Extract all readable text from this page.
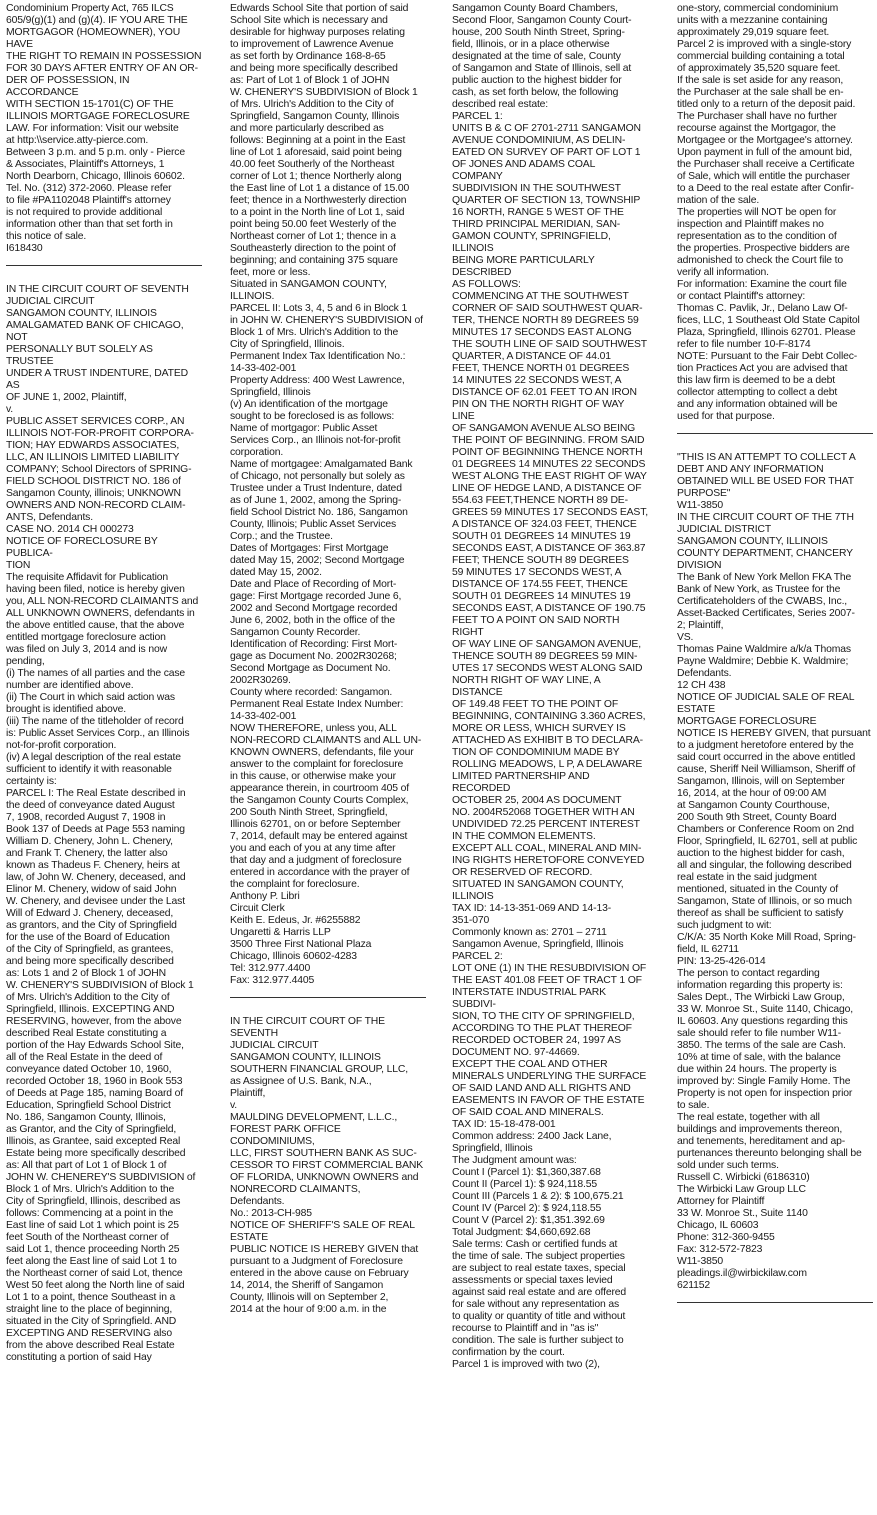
Condominium Property Act, 765 ILCS

605/9(g)(1) and (g)(4). IF YOU ARE THE

MORTGAGOR (HOMEOWNER), YOU HAVE

THE RIGHT TO REMAIN IN POSSESSION

FOR 30 DAYS AFTER ENTRY OF AN OR-

DER OF POSSESSION, IN ACCORDANCE

WITH SECTION 15-1701(C) OF THE

ILLINOIS MORTGAGE FORECLOSURE

LAW. For information: Visit our website

at http:\\service.atty-pierce.com.

Between 3 p.m. and 5 p.m. only - Pierce

& Associates, Plaintiff's Attorneys, 1

North Dearborn, Chicago, Illinois 60602.

Tel. No. (312) 372-2060. Please refer

to file #PA1102048 Plaintiff's attorney

is not required to provide additional

information other than that set forth in

this notice of sale.

I618430

IN THE CIRCUIT COURT OF SEVENTH

JUDICIAL CIRCUIT

SANGAMON COUNTY, ILLINOIS

AMALGAMATED BANK OF CHICAGO, NOT

PERSONALLY BUT SOLELY AS TRUSTEE

UNDER A TRUST INDENTURE, DATED AS

OF JUNE 1, 2002, Plaintiff,

v.

PUBLIC ASSET SERVICES CORP., AN

ILLINOIS NOT-FOR-PROFIT CORPORA-

TION; HAY EDWARDS ASSOCIATES,

LLC, AN ILLINOIS LIMITED LIABILITY

COMPANY; School Directors of SPRING-

FIELD SCHOOL DISTRICT NO. 186 of

Sangamon County, illinois; UNKNOWN

OWNERS AND NON-RECORD CLAIM-

ANTS, Defendants.

CASE NO. 2014 CH 000273

NOTICE OF FORECLOSURE BY PUBLICA-

TION

The requisite Affidavit for Publication

having been filed, notice is hereby given

you, ALL NON-RECORD CLAIMANTS and

ALL UNKNOWN OWNERS, defendants in

the above entitled cause, that the above

entitled mortgage foreclosure action

was filed on July 3, 2014 and is now

pending,

(i) The names of all parties and the case

number are identified above.

(ii) The Court in which said action was

brought is identified above.

(iii) The name of the titleholder of record

is: Public Asset Services Corp., an Illinois

not-for-profit corporation.

(iv) A legal description of the real estate

sufficient to identify it with reasonable

certainty is:

PARCEL I: The Real Estate described in

the deed of conveyance dated August

7, 1908, recorded August 7, 1908 in

Book 137 of Deeds at Page 553 naming

William D. Chenery, John L. Chenery,

and Frank T. Chenery, the latter also

known as Thadeus F. Chenery, heirs at

law, of John W. Chenery, deceased, and

Elinor M. Chenery, widow of said John

W. Chenery, and devisee under the Last

Will of Edward J. Chenery, deceased,

as grantors, and the City of Springfield

for the use of the Board of Education

of the City of Springfield, as grantees,

and being more specifically described

as: Lots 1 and 2 of Block 1 of JOHN

W. CHENERY'S SUBDIVISION of Block 1

of Mrs. Ulrich's Addition to the City of

Springfield, Illinois. EXCEPTING AND

RESERVING, however, from the above

described Real Estate constituting a

portion of the Hay Edwards School Site,

all of the Real Estate in the deed of

conveyance dated October 10, 1960,

recorded October 18, 1960 in Book 553

of Deeds at Page 185, naming Board of

Education, Springfield School District

No. 186, Sangamon County, Illinois,

as Grantor, and the City of Springfield,

Illinois, as Grantee, said excepted Real

Estate being more specifically described

as: All that part of Lot 1 of Block 1 of

JOHN W. CHENEREY'S SUBDIVISION of

Block 1 of Mrs. Ulrich's Addition to the

City of Springfield, Illinois, described as

follows: Commencing at a point in the

East line of said Lot 1 which point is 25

feet South of the Northeast corner of

said Lot 1, thence proceeding North 25

feet along the East line of said Lot 1 to

the Northeast corner of said Lot, thence

West 50 feet along the North line of said

Lot 1 to a point, thence Southeast in a

straight line to the place of beginning,

situated in the City of Springfield. AND

EXCEPTING AND RESERVING also

from the above described Real Estate

constituting a portion of said Hay

Edwards School Site that portion of said

School Site which is necessary and

desirable for highway purposes relating

to improvement of Lawrence Avenue

as set forth by Ordinance 168-8-65

and being more specifically described

as: Part of Lot 1 of Block 1 of JOHN

W. CHENERY'S SUBDIVISION of Block 1

of Mrs. Ulrich's Addition to the City of

Springfield, Sangamon County, Illinois

and more particularly described as

follows: Beginning at a point in the East

line of Lot 1 aforesaid, said point being

40.00 feet Southerly of the Northeast

corner of Lot 1; thence Northerly along

the East line of Lot 1 a distance of 15.00

feet; thence in a Northwesterly direction

to a point in the North line of Lot 1, said

point being 50.00 feet Westerly of the

Northeast corner of Lot 1; thence in a

Southeasterly direction to the point of

beginning; and containing 375 square

feet, more or less.

Situated in SANGAMON COUNTY,

ILLINOIS.

PARCEL II: Lots 3, 4, 5 and 6 in Block 1

in JOHN W. CHENERY'S SUBDIVISION of

Block 1 of Mrs. Ulrich's Addition to the

City of Springfield, Illinois.

Permanent Index Tax Identification No.:

14-33-402-001

Property Address: 400 West Lawrence,

Springfield, Illinois

(v) An identification of the mortgage

sought to be foreclosed is as follows:

Name of mortgagor: Public Asset

Services Corp., an Illinois not-for-profit

corporation.

Name of mortgagee: Amalgamated Bank

of Chicago, not personally but solely as

Trustee under a Trust Indenture, dated

as of June 1, 2002, among the Spring-

field School District No. 186, Sangamon

County, Illinois; Public Asset Services

Corp.; and the Trustee.

Dates of Mortgages: First Mortgage

dated May 15, 2002; Second Mortgage

dated May 15, 2002.

Date and Place of Recording of Mort-

gage: First Mortgage recorded June 6,

2002 and Second Mortgage recorded

June 6, 2002, both in the office of the

Sangamon County Recorder.

Identification of Recording: First Mort-

gage as Document No. 2002R30268;

Second Mortgage as Document No.

2002R30269.

County where recorded: Sangamon.

Permanent Real Estate Index Number:

14-33-402-001

NOW THEREFORE, unless you, ALL

NON-RECORD CLAIMANTS and ALL UN-

KNOWN OWNERS, defendants, file your

answer to the complaint for foreclosure

in this cause, or otherwise make your

appearance therein, in courtroom 405 of

the Sangamon County Courts Complex,

200 South Ninth Street, Springfield,

Illinois 62701, on or before September

7, 2014, default may be entered against

you and each of you at any time after

that day and a judgment of foreclosure

entered in accordance with the prayer of

the complaint for foreclosure.

Anthony P. Libri

Circuit Clerk

Keith E. Edeus, Jr. #6255882

Ungaretti & Harris LLP

3500 Three First National Plaza

Chicago, Illinois 60602-4283

Tel: 312.977.4400

Fax: 312.977.4405

IN THE CIRCUIT COURT OF THE SEVENTH

JUDICIAL CIRCUIT

SANGAMON COUNTY, ILLINOIS

SOUTHERN FINANCIAL GROUP, LLC,

as Assignee of U.S. Bank, N.A.,

Plaintiff,

v.

MAULDING DEVELOPMENT, L.L.C.,

FOREST PARK OFFICE CONDOMINIUMS,

LLC, FIRST SOUTHERN BANK AS SUC-

CESSOR TO FIRST COMMERCIAL BANK

OF FLORIDA, UNKNOWN OWNERS and

NONRECORD CLAIMANTS,

Defendants.

No.: 2013-CH-985

NOTICE OF SHERIFF'S SALE OF REAL

ESTATE

PUBLIC NOTICE IS HEREBY GIVEN that

pursuant to a Judgment of Foreclosure

entered in the above cause on February

14, 2014, the Sheriff of Sangamon

County, Illinois will on September 2,

2014 at the hour of 9:00 a.m. in the

Sangamon County Board Chambers,

Second Floor, Sangamon County Court-

house, 200 South Ninth Street, Spring-

field, Illinois, or in a place otherwise

designated at the time of sale, County

of Sangamon and State of Illinois, sell at

public auction to the highest bidder for

cash, as set forth below, the following

described real estate:

PARCEL 1:

UNITS B & C OF 2701-2711 SANGAMON

AVENUE CONDOMINIUM, AS DELIN-

EATED ON SURVEY OF PART OF LOT 1

OF JONES AND ADAMS COAL COMPANY

SUBDIVISION IN THE SOUTHWEST

QUARTER OF SECTION 13, TOWNSHIP

16 NORTH, RANGE 5 WEST OF THE

THIRD PRINCIPAL MERIDIAN, SAN-

GAMON COUNTY, SPRINGFIELD, ILLINOIS

BEING MORE PARTICULARLY DESCRIBED

AS FOLLOWS:

COMMENCING AT THE SOUTHWEST

CORNER OF SAID SOUTHWEST QUAR-

TER, THENCE NORTH 89 DEGREES 59

MINUTES 17 SECONDS EAST ALONG

THE SOUTH LINE OF SAID SOUTHWEST

QUARTER, A DISTANCE OF 44.01

FEET, THENCE NORTH 01 DEGREES

14 MINUTES 22 SECONDS WEST, A

DISTANCE OF 62.01 FEET TO AN IRON

PIN ON THE NORTH RIGHT OF WAY LINE

OF SANGAMON AVENUE ALSO BEING

THE POINT OF BEGINNING. FROM SAID

POINT OF BEGINNING THENCE NORTH

01 DEGREES 14 MINUTES 22 SECONDS

WEST ALONG THE EAST RIGHT OF WAY

LINE OF HEDGE LAND, A DISTANCE OF

554.63 FEET,THENCE NORTH 89 DE-

GREES 59 MINUTES 17 SECONDS EAST,

A DISTANCE OF 324.03 FEET, THENCE

SOUTH 01 DEGREES 14 MINUTES 19

SECONDS EAST, A DISTANCE OF 363.87

FEET; THENCE SOUTH 89 DEGREES

59 MINUTES 17 SECONDS WEST, A

DISTANCE OF 174.55 FEET, THENCE

SOUTH 01 DEGREES 14 MINUTES 19

SECONDS EAST, A DISTANCE OF 190.75

FEET TO A POINT ON SAID NORTH RIGHT

OF WAY LINE OF SANGAMON AVENUE,

THENCE SOUTH 89 DEGREES 59 MIN-

UTES 17 SECONDS WEST ALONG SAID

NORTH RIGHT OF WAY LINE, A DISTANCE

OF 149.48 FEET TO THE POINT OF

BEGINNING, CONTAINING 3.360 ACRES,

MORE OR LESS, WHICH SURVEY IS

ATTACHED AS EXHIBIT B TO DECLARA-

TION OF CONDOMINIUM MADE BY

ROLLING MEADOWS, L P, A DELAWARE

LIMITED PARTNERSHIP AND RECORDED

OCTOBER 25, 2004 AS DOCUMENT

NO. 2004R52068 TOGETHER WITH AN

UNDIVIDED 72.25 PERCENT INTEREST

IN THE COMMON ELEMENTS.

EXCEPT ALL COAL, MINERAL AND MIN-

ING RIGHTS HERETOFORE CONVEYED

OR RESERVED OF RECORD.

SITUATED IN SANGAMON COUNTY,

ILLINOIS

TAX ID: 14-13-351-069 AND 14-13-

351-070

Commonly known as: 2701 – 2711

Sangamon Avenue, Springfield, Illinois

PARCEL 2:

LOT ONE (1) IN THE RESUBDIVISION OF

THE EAST 401.08 FEET OF TRACT 1 OF

INTERSTATE INDUSTRIAL PARK SUBDIVI-

SION, TO THE CITY OF SPRINGFIELD,

ACCORDING TO THE PLAT THEREOF

RECORDED OCTOBER 24, 1997 AS

DOCUMENT NO. 97-44669.

EXCEPT THE COAL AND OTHER

MINERALS UNDERLYING THE SURFACE

OF SAID LAND AND ALL RIGHTS AND

EASEMENTS IN FAVOR OF THE ESTATE

OF SAID COAL AND MINERALS.

TAX ID: 15-18-478-001

Common address: 2400 Jack Lane,

Springfield, Illinois

The Judgment amount was:

Count I (Parcel 1): $1,360,387.68

Count II (Parcel 1): $ 924,118.55

Count III (Parcels 1 & 2): $ 100,675.21

Count IV (Parcel 2): $ 924,118.55

Count V (Parcel 2): $1,351.392.69

Total Judgment: $4,660,692.68

Sale terms: Cash or certified funds at

the time of sale. The subject properties

are subject to real estate taxes, special

assessments or special taxes levied

against said real estate and are offered

for sale without any representation as

to quality or quantity of title and without

recourse to Plaintiff and in "as is"

condition. The sale is further subject to

confirmation by the court.

Parcel 1 is improved with two (2),

one-story, commercial condominium

units with a mezzanine containing

approximately 29,019 square feet.

Parcel 2 is improved with a single-story

commercial building containing a total

of approximately 35,520 square feet.

If the sale is set aside for any reason,

the Purchaser at the sale shall be en-

titled only to a return of the deposit paid.

The Purchaser shall have no further

recourse against the Mortgagor, the

Mortgagee or the Mortgagee's attorney.

Upon payment in full of the amount bid,

the Purchaser shall receive a Certificate

of Sale, which will entitle the purchaser

to a Deed to the real estate after Confir-

mation of the sale.

The properties will NOT be open for

inspection and Plaintiff makes no

representation as to the condition of

the properties. Prospective bidders are

admonished to check the Court file to

verify all information.

For information: Examine the court file

or contact Plaintiff's attorney:

Thomas C. Pavlik, Jr., Delano Law Of-

fices, LLC, 1 Southeast Old State Capitol

Plaza, Springfield, Illinois 62701. Please

refer to file number 10-F-8174

NOTE: Pursuant to the Fair Debt Collec-

tion Practices Act you are advised that

this law firm is deemed to be a debt

collector attempting to collect a debt

and any information obtained will be

used for that purpose.

"THIS IS AN ATTEMPT TO COLLECT A

DEBT AND ANY INFORMATION

OBTAINED WILL BE USED FOR THAT

PURPOSE"

W11-3850

IN THE CIRCUIT COURT OF THE 7TH

JUDICIAL DISTRICT

SANGAMON COUNTY, ILLINOIS

COUNTY DEPARTMENT, CHANCERY

DIVISION

The Bank of New York Mellon FKA The

Bank of New York, as Trustee for the

Certificateholders of the CWABS, Inc.,

Asset-Backed Certificates, Series 2007-

2; Plaintiff,

VS.

Thomas Paine Waldmire a/k/a Thomas

Payne Waldmire; Debbie K. Waldmire;

Defendants.

12 CH 438

NOTICE OF JUDICIAL SALE OF REAL

ESTATE

MORTGAGE FORECLOSURE

NOTICE IS HEREBY GIVEN, that pursuant

to a judgment heretofore entered by the

said court occurred in the above entitled

cause, Sheriff Neil Williamson, Sheriff of

Sangamon, Illinois, will on September

16, 2014, at the hour of 09:00 AM

at Sangamon County Courthouse,

200 South 9th Street, County Board

Chambers or Conference Room on 2nd

Floor, Springfield, IL 62701, sell at public

auction to the highest bidder for cash,

all and singular, the following described

real estate in the said judgment

mentioned, situated in the County of

Sangamon, State of Illinois, or so much

thereof as shall be sufficient to satisfy

such judgment to wit:

C/K/A: 35 North Koke Mill Road, Spring-

field, IL 62711

PIN: 13-25-426-014

The person to contact regarding

information regarding this property is:

Sales Dept., The Wirbicki Law Group,

33 W. Monroe St., Suite 1140, Chicago,

IL 60603. Any questions regarding this

sale should refer to file number W11-

3850. The terms of the sale are Cash.

10% at time of sale, with the balance

due within 24 hours. The property is

improved by: Single Family Home. The

Property is not open for inspection prior

to sale.

The real estate, together with all

buildings and improvements thereon,

and tenements, hereditament and ap-

purtenances thereunto belonging shall be

sold under such terms.

Russell C. Wirbicki (6186310)

The Wirbicki Law Group LLC

Attorney for Plaintiff

33 W. Monroe St., Suite 1140

Chicago, IL 60603

Phone: 312-360-9455

Fax: 312-572-7823

W11-3850

pleadings.il@wirbickilaw.com

621152
